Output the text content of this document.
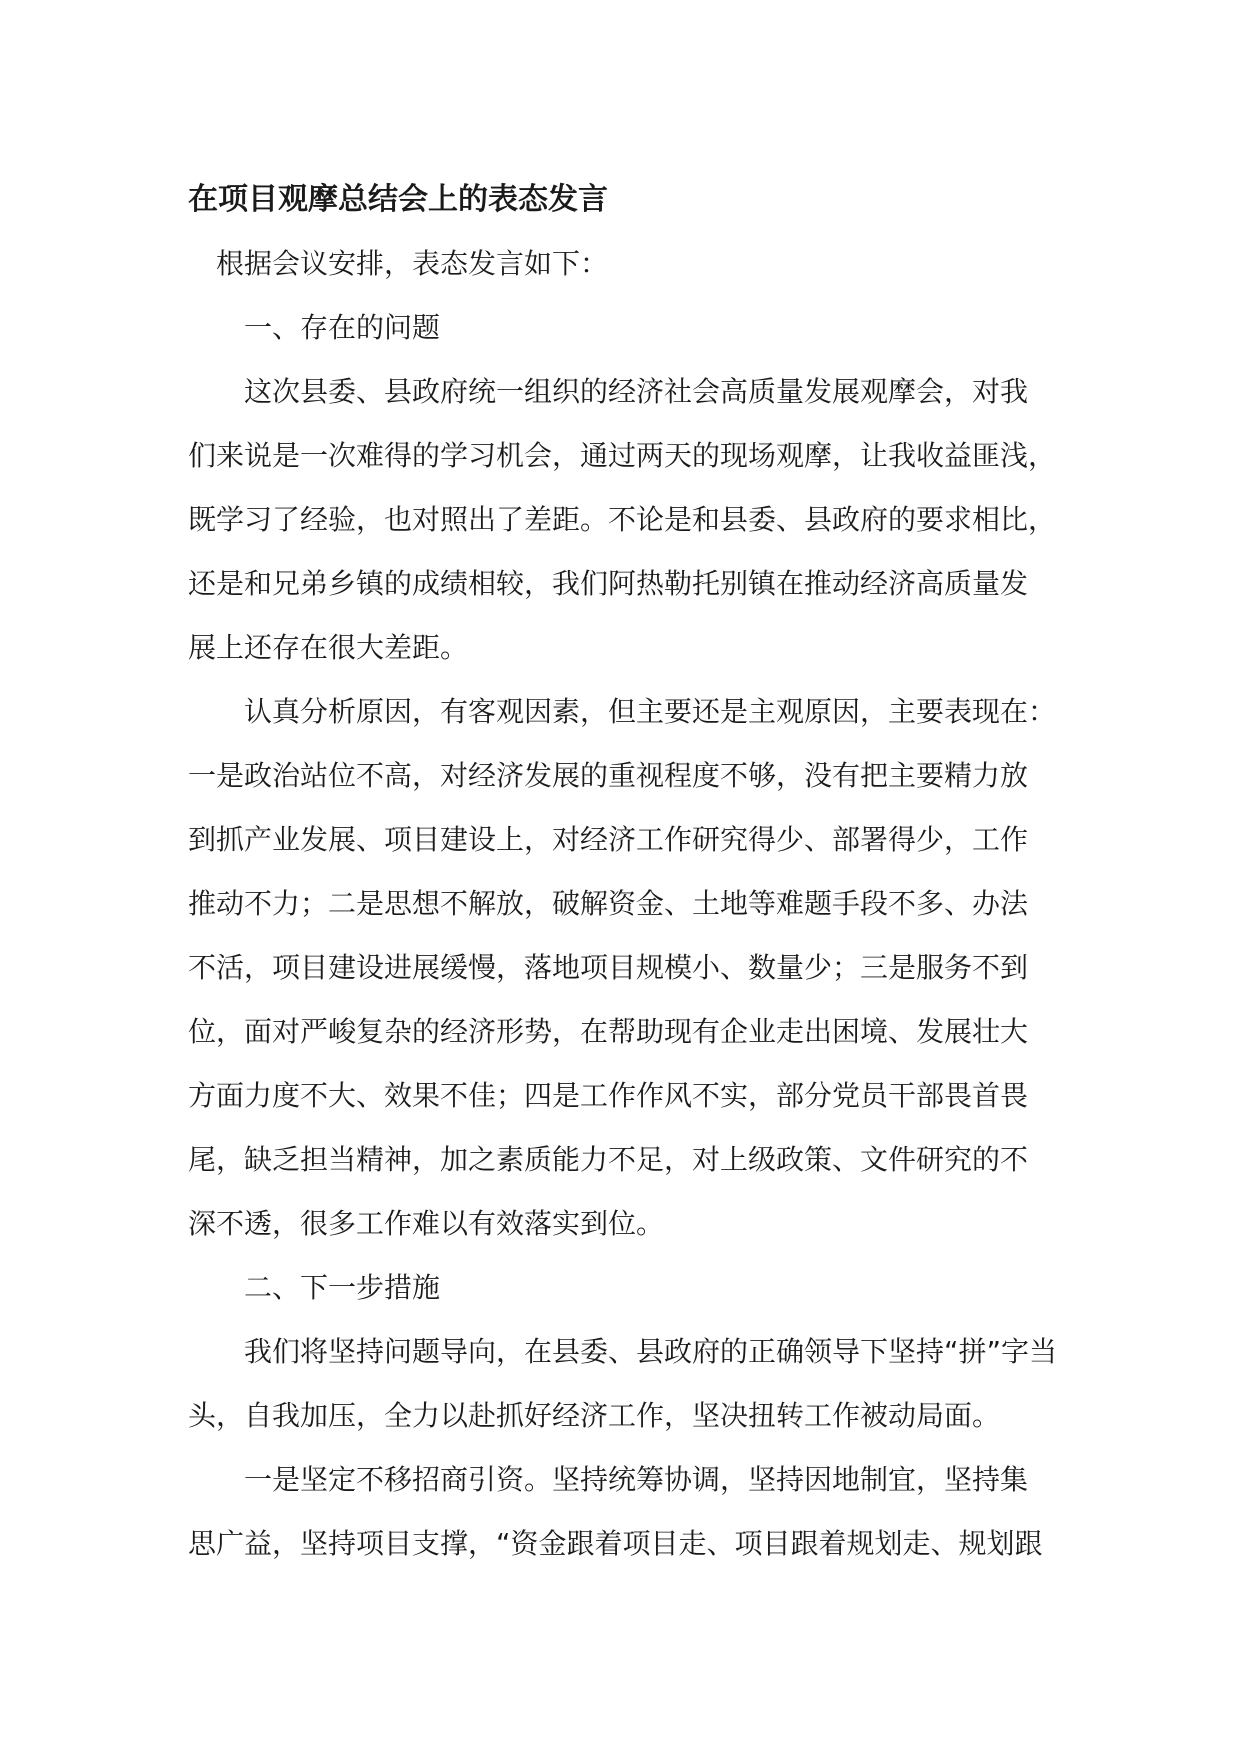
在项目观摩总结会上的表态发言
根据会议安排，表态发言如下：
一、存在的问题
这次县委、县政府统一组织的经济社会高质量发展观摩会，对我
们来说是一次难得的学习机会，通过两天的现场观摩，让我收益匪浅，
既学习了经验，也对照出了差距。不论是和县委、县政府的要求相比，
还是和兄弟乡镇的成绩相较，我们阿热勒托别镇在推动经济高质量发
展上还存在很大差距。
认真分析原因，有客观因素，但主要还是主观原因，主要表现在：
一是政治站位不高，对经济发展的重视程度不够，没有把主要精力放
到抓产业发展、项目建设上，对经济工作研究得少、部署得少，工作
推动不力；二是思想不解放，破解资金、土地等难题手段不多、办法
不活，项目建设进展缓慢，落地项目规模小、数量少；三是服务不到
位，面对严峻复杂的经济形势，在帮助现有企业走出困境、发展壮大
方面力度不大、效果不佳；四是工作作风不实，部分党员干部畏首畏
尾，缺乏担当精神，加之素质能力不足，对上级政策、文件研究的不
深不透，很多工作难以有效落实到位。
二、下一步措施
我们将坚持问题导向，在县委、县政府的正确领导下坚持“拼”字当
头，自我加压，全力以赴抓好经济工作，坚决扭转工作被动局面。
一是坚定不移招商引资。坚持统筹协调，坚持因地制宜，坚持集
思广益，坚持项目支撑，“资金跟着项目走、项目跟着规划走、规划跟
